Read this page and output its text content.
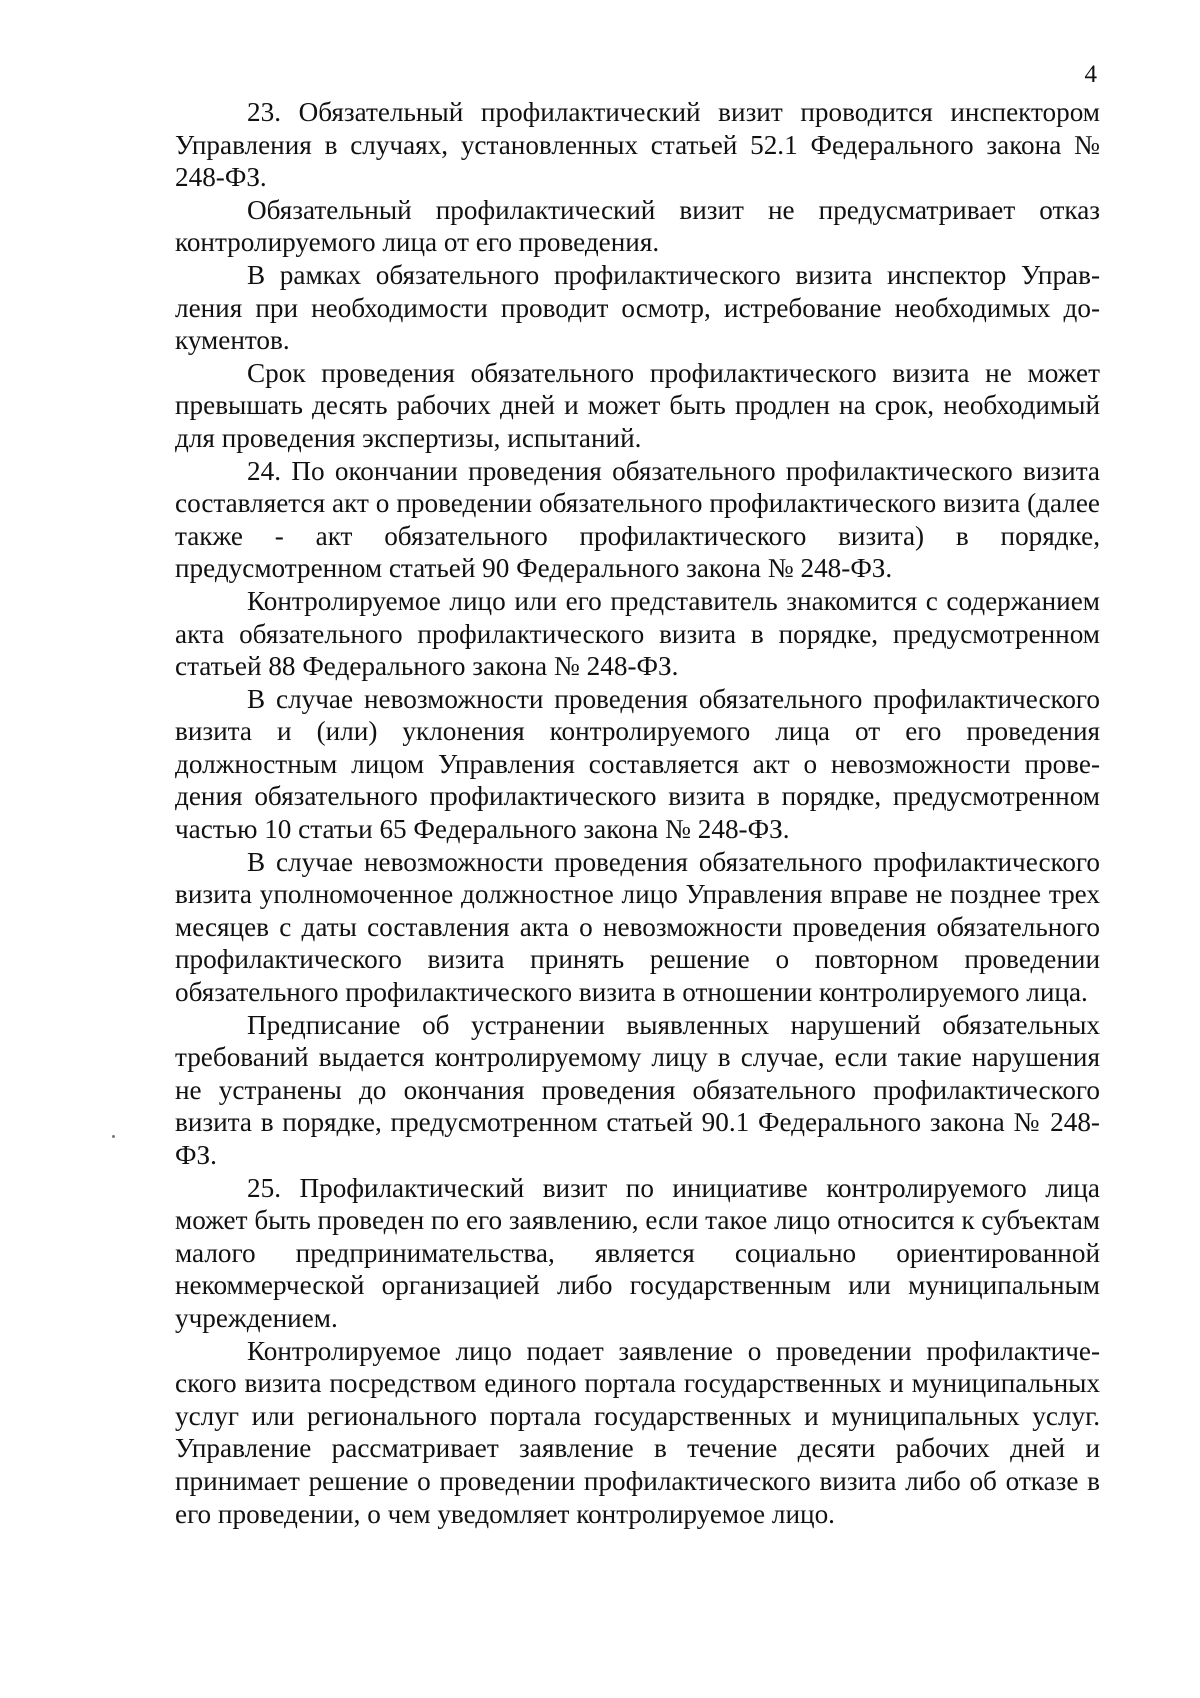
4

23. Обязательный профилактический визит проводится инспектором Управления в случаях, установленных статьей 52.1 Федерального закона № 248-ФЗ.

Обязательный профилактический визит не предусматривает отказ контролируемого лица от его проведения.

В рамках обязательного профилактического визита инспектор Управления при необходимости проводит осмотр, истребование необходимых документов.

Срок проведения обязательного профилактического визита не может превышать десять рабочих дней и может быть продлен на срок, необходимый для проведения экспертизы, испытаний.

24. По окончании проведения обязательного профилактического визита составляется акт о проведении обязательного профилактического визита (далее также - акт обязательного профилактического визита) в порядке, предусмотренном статьей 90 Федерального закона № 248-ФЗ.

Контролируемое лицо или его представитель знакомится с содержанием акта обязательного профилактического визита в порядке, предусмотренном статьей 88 Федерального закона № 248-ФЗ.

В случае невозможности проведения обязательного профилактического визита и (или) уклонения контролируемого лица от его проведения должностным лицом Управления составляется акт о невозможности проведения обязательного профилактического визита в порядке, предусмотренном частью 10 статьи 65 Федерального закона № 248-ФЗ.

В случае невозможности проведения обязательного профилактического визита уполномоченное должностное лицо Управления вправе не позднее трех месяцев с даты составления акта о невозможности проведения обязательного профилактического визита принять решение о повторном проведении обязательного профилактического визита в отношении контролируемого лица.

Предписание об устранении выявленных нарушений обязательных требований выдается контролируемому лицу в случае, если такие нарушения не устранены до окончания проведения обязательного профилактического визита в порядке, предусмотренном статьей 90.1 Федерального закона № 248-ФЗ.

25. Профилактический визит по инициативе контролируемого лица может быть проведен по его заявлению, если такое лицо относится к субъектам малого предпринимательства, является социально ориентированной некоммерческой организацией либо государственным или муниципальным учреждением.

Контролируемое лицо подает заявление о проведении профилактического визита посредством единого портала государственных и муниципальных услуг или регионального портала государственных и муниципальных услуг. Управление рассматривает заявление в течение десяти рабочих дней и принимает решение о проведении профилактического визита либо об отказе в его проведении, о чем уведомляет контролируемое лицо.
